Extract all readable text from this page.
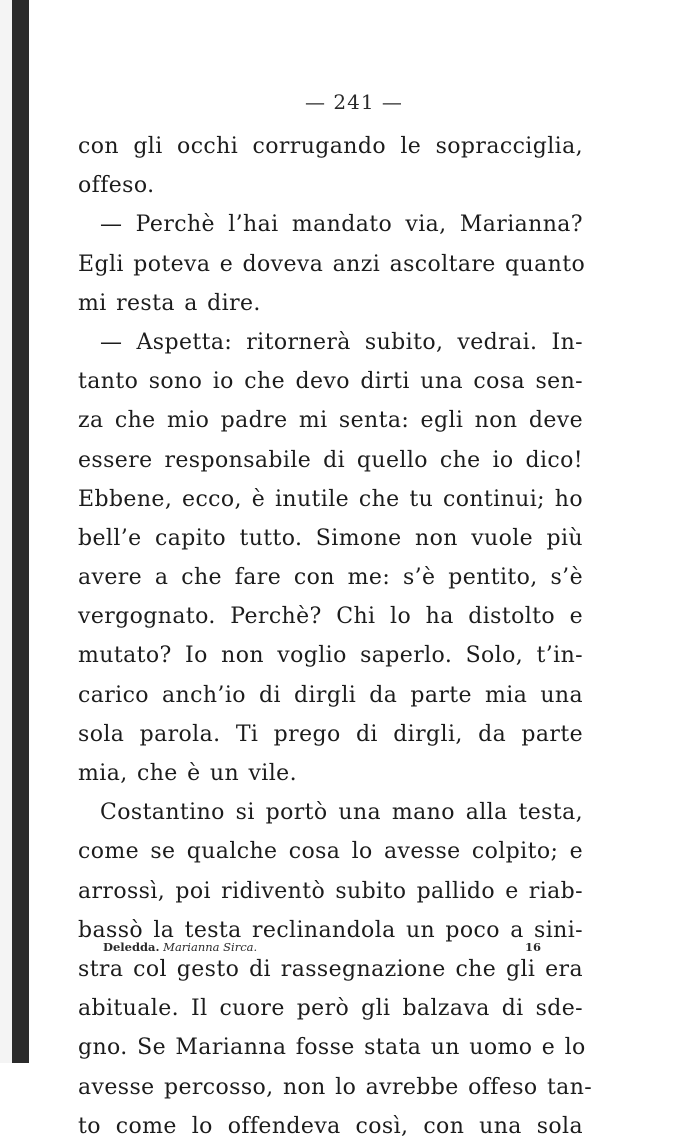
— 241 —
con gli occhi corrugando le sopracciglia,
offeso.
— Perchè l’hai mandato via, Marianna?
Egli poteva e doveva anzi ascoltare quanto
mi resta a dire.
— Aspetta: ritornerà subito, vedrai. In-
tanto sono io che devo dirti una cosa sen-
za che mio padre mi senta: egli non deve
essere responsabile di quello che io dico!
Ebbene, ecco, è inutile che tu continui; ho
bell’e capito tutto. Simone non vuole più
avere a che fare con me: s’è pentito, s’è
vergognato. Perchè? Chi lo ha distolto e
mutato? Io non voglio saperlo. Solo, t’in-
carico anch’io di dirgli da parte mia una
sola parola. Ti prego di dirgli, da parte
mia, che è un vile.
Costantino si portò una mano alla testa,
come se qualche cosa lo avesse colpito; e
arrossì, poi ridiventò subito pallido e riab-
bassò la testa reclinandola un poco a sini-
stra col gesto di rassegnazione che gli era
abituale. Il cuore però gli balzava di sde-
gno. Se Marianna fosse stata un uomo e lo
avesse percosso, non lo avrebbe offeso tan-
to come lo offendeva così, con una sola
Deledda. Marianna Sirca.	16
